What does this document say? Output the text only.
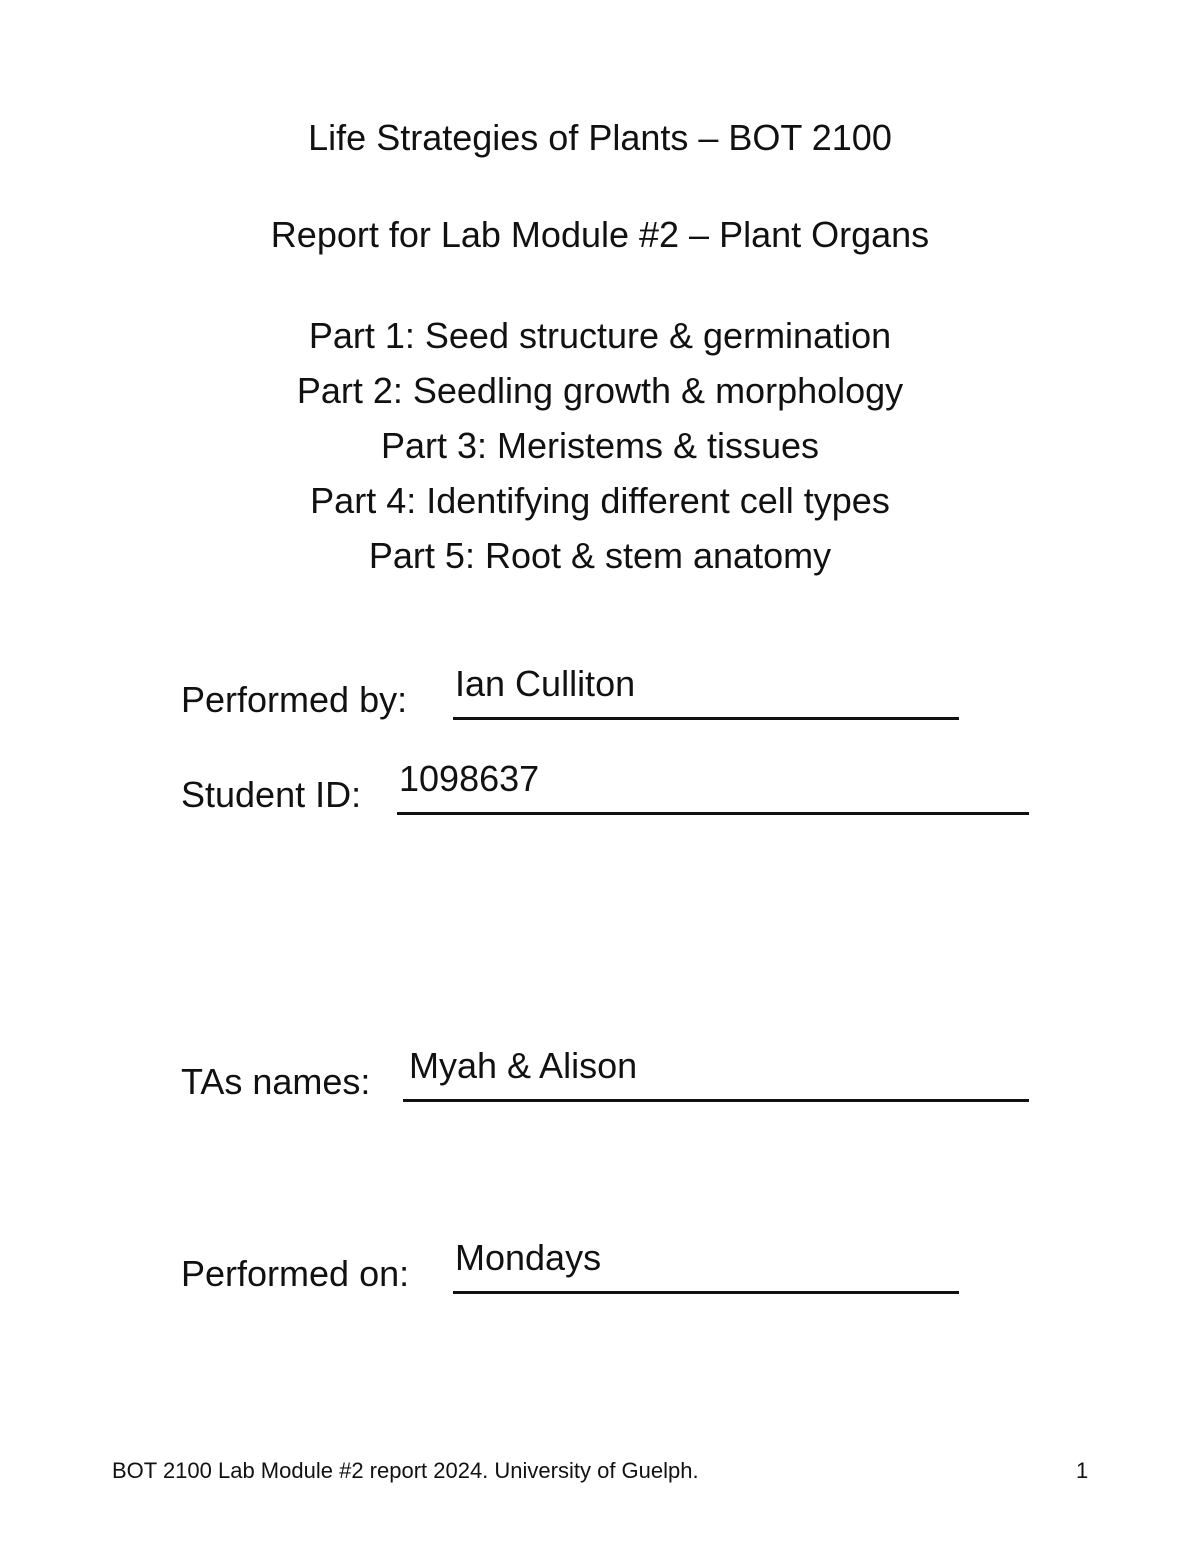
Life Strategies of Plants – BOT 2100
Report for Lab Module #2 – Plant Organs
Part 1: Seed structure & germination
Part 2: Seedling growth & morphology
Part 3: Meristems & tissues
Part 4: Identifying different cell types
Part 5: Root & stem anatomy
Performed by: Ian Culliton
Student ID: 1098637
TAs names: Myah & Alison
Performed on: Mondays
BOT 2100 Lab Module #2 report 2024. University of Guelph.	1
